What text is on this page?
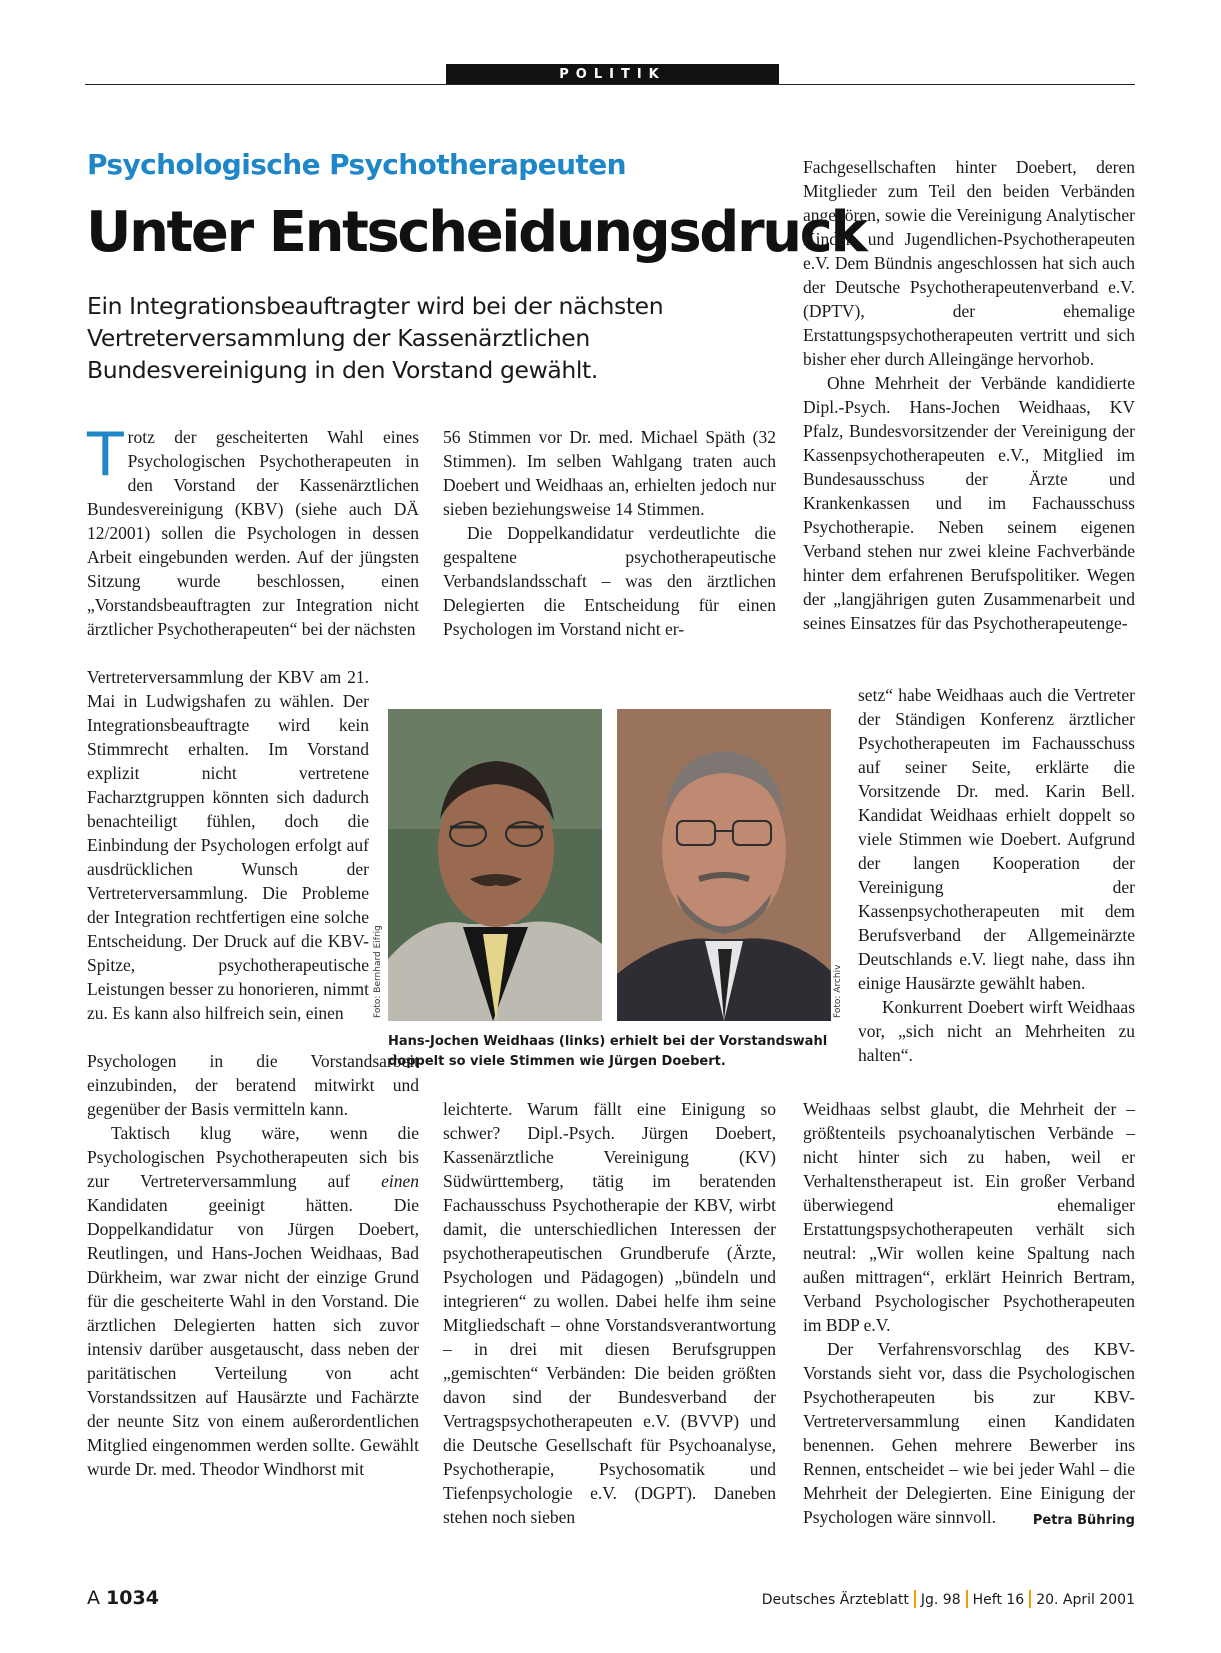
POLITIK
Psychologische Psychotherapeuten
Unter Entscheidungsdruck
Ein Integrationsbeauftragter wird bei der nächsten Vertreterversammlung der Kassenärztlichen Bundesvereinigung in den Vorstand gewählt.

Trotz der gescheiterten Wahl eines Psychologischen Psychotherapeuten in den Vorstand der Kassenärztlichen Bundesvereinigung (KBV) (siehe auch DÄ 12/2001) sollen die Psychologen in dessen Arbeit eingebunden werden. Auf der jüngsten Sitzung wurde beschlossen, einen „Vorstandsbeauftragten zur Integration nicht ärztlicher Psychotherapeuten“ bei der nächsten

Vertreterversammlung der KBV am 21. Mai in Ludwigshafen zu wählen. Der Integrationsbeauftragte wird kein Stimmrecht erhalten. Im Vorstand explizit nicht vertretene Facharztgruppen könnten sich dadurch benachteiligt fühlen, doch die Einbindung der Psychologen erfolgt auf ausdrücklichen Wunsch der Vertreterversammlung. Die Probleme der Integration rechtfertigen eine solche Entscheidung. Der Druck auf die KBV-Spitze, psychotherapeutische Leistungen besser zu honorieren, nimmt zu. Es kann also hilfreich sein, einen

Psychologen in die Vorstandsarbeit einzubinden, der beratend mitwirkt und gegenüber der Basis vermitteln kann.

Taktisch klug wäre, wenn die Psychologischen Psychotherapeuten sich bis zur Vertreterversammlung auf einen Kandidaten geeinigt hätten. Die Doppelkandidatur von Jürgen Doebert, Reutlingen, und Hans-Jochen Weidhaas, Bad Dürkheim, war zwar nicht der einzige Grund für die gescheiterte Wahl in den Vorstand. Die ärztlichen Delegierten hatten sich zuvor intensiv darüber ausgetauscht, dass neben der paritätischen Verteilung von acht Vorstandssitzen auf Hausärzte und Fachärzte der neunte Sitz von einem außerordentlichen Mitglied eingenommen werden sollte. Gewählt wurde Dr. med. Theodor Windhorst mit

56 Stimmen vor Dr. med. Michael Späth (32 Stimmen). Im selben Wahlgang traten auch Doebert und Weidhaas an, erhielten jedoch nur sieben beziehungsweise 14 Stimmen.

Die Doppelkandidatur verdeutlichte die gespaltene psychotherapeutische Verbandslandsschaft – was den ärztlichen Delegierten die Entscheidung für einen Psychologen im Vorstand nicht er-

leichterte. Warum fällt eine Einigung so schwer? Dipl.-Psych. Jürgen Doebert, Kassenärztliche Vereinigung (KV) Südwürttemberg, tätig im beratenden Fachausschuss Psychotherapie der KBV, wirbt damit, die unterschiedlichen Interessen der psychotherapeutischen Grundberufe (Ärzte, Psychologen und Pädagogen) „bündeln und integrieren“ zu wollen. Dabei helfe ihm seine Mitgliedschaft – ohne Vorstandsverantwortung – in drei mit diesen Berufsgruppen „gemischten“ Verbänden: Die beiden größten davon sind der Bundesverband der Vertragspsychotherapeuten e.V. (BVVP) und die Deutsche Gesellschaft für Psychoanalyse, Psychotherapie, Psychosomatik und Tiefenpsychologie e.V. (DGPT). Daneben stehen noch sieben

Fachgesellschaften hinter Doebert, deren Mitglieder zum Teil den beiden Verbänden angehören, sowie die Vereinigung Analytischer Kinder- und Jugendlichen-Psychotherapeuten e.V. Dem Bündnis angeschlossen hat sich auch der Deutsche Psychotherapeutenverband e.V. (DPTV), der ehemalige Erstattungspsychotherapeuten vertritt und sich bisher eher durch Alleingänge hervorhob.

Ohne Mehrheit der Verbände kandidierte Dipl.-Psych. Hans-Jochen Weidhaas, KV Pfalz, Bundesvorsitzender der Vereinigung der Kassenpsychotherapeuten e.V., Mitglied im Bundesausschuss der Ärzte und Krankenkassen und im Fachausschuss Psychotherapie. Neben seinem eigenen Verband stehen nur zwei kleine Fachverbände hinter dem erfahrenen Berufspolitiker. Wegen der „langjährigen guten Zusammenarbeit und seines Einsatzes für das Psychotherapeutenge-

setz“ habe Weidhaas auch die Vertreter der Ständigen Konferenz ärztlicher Psychotherapeuten im Fachausschuss auf seiner Seite, erklärte die Vorsitzende Dr. med. Karin Bell. Kandidat Weidhaas erhielt doppelt so viele Stimmen wie Doebert. Aufgrund der langen Kooperation der Vereinigung der Kassenpsychotherapeuten mit dem Berufsverband der Allgemeinärzte Deutschlands e.V. liegt nahe, dass ihn einige Hausärzte gewählt haben.

Konkurrent Doebert wirft Weidhaas vor, „sich nicht an Mehrheiten zu halten“.

Weidhaas selbst glaubt, die Mehrheit der – größtenteils psychoanalytischen Verbände – nicht hinter sich zu haben, weil er Verhaltenstherapeut ist. Ein großer Verband überwiegend ehemaliger Erstattungspsychotherapeuten verhält sich neutral: „Wir wollen keine Spaltung nach außen mittragen“, erklärt Heinrich Bertram, Verband Psychologischer Psychotherapeuten im BDP e.V.

Der Verfahrensvorschlag des KBV-Vorstands sieht vor, dass die Psychologischen Psychotherapeuten bis zur KBV-Vertreterversammlung einen Kandidaten benennen. Gehen mehrere Bewerber ins Rennen, entscheidet – wie bei jeder Wahl – die Mehrheit der Delegierten. Eine Einigung der Psychologen wäre sinnvoll.	Petra Bühring

Foto: Bernhard Eifrig	Foto: Archiv
Hans-Jochen Weidhaas (links) erhielt bei der Vorstandswahl doppelt so viele Stimmen wie Jürgen Doebert.
A 1034	Deutsches Ärzteblatt Jg. 98 Heft 16 20. April 2001
